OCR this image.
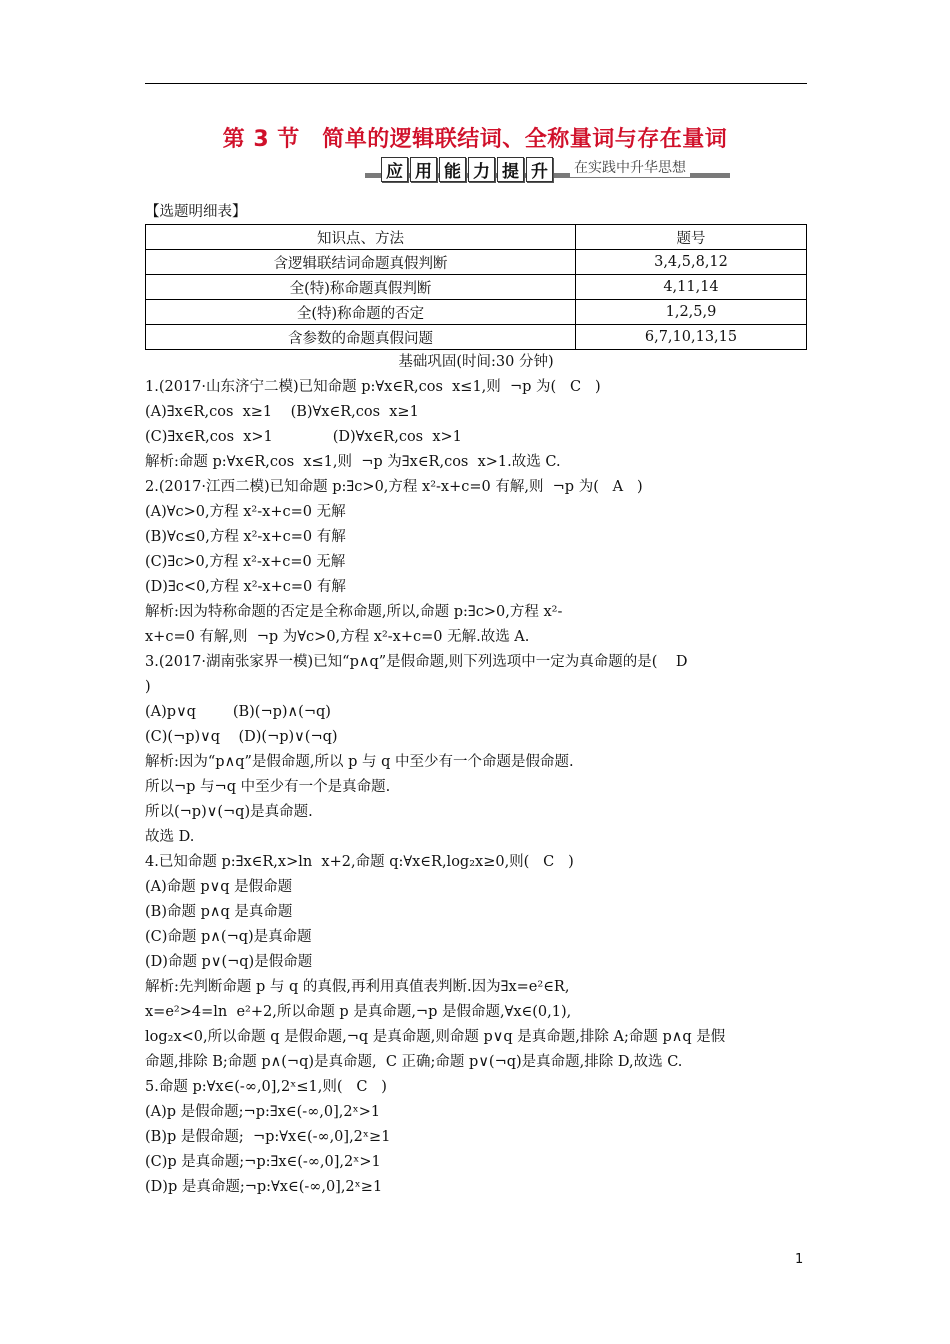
第 3 节　简单的逻辑联结词、全称量词与存在量词
应 用 能 力 提 升	在实践中升华思想
【选题明细表】
知识点、方法	题号
含逻辑联结词命题真假判断	3,4,5,8,12
全(特)称命题真假判断	4,11,14
全(特)称命题的否定	1,2,5,9
含参数的命题真假问题	6,7,10,13,15
基础巩固(时间:30 分钟)
1.(2017·山东济宁二模)已知命题 p:∀x∈R,cos  x≤1,则  ¬p 为(   C   )
(A)∃x∈R,cos  x≥1    (B)∀x∈R,cos  x≥1
(C)∃x∈R,cos  x>1             (D)∀x∈R,cos  x>1
解析:命题 p:∀x∈R,cos  x≤1,则  ¬p 为∃x∈R,cos  x>1.故选 C.
2.(2017·江西二模)已知命题 p:∃c>0,方程 x²-x+c=0 有解,则  ¬p 为(   A   )
(A)∀c>0,方程 x²-x+c=0 无解
(B)∀c≤0,方程 x²-x+c=0 有解
(C)∃c>0,方程 x²-x+c=0 无解
(D)∃c<0,方程 x²-x+c=0 有解
解析:因为特称命题的否定是全称命题,所以,命题 p:∃c>0,方程 x²-
x+c=0 有解,则  ¬p 为∀c>0,方程 x²-x+c=0 无解.故选 A.
3.(2017·湖南张家界一模)已知“p∧q”是假命题,则下列选项中一定为真命题的是(    D
)
(A)p∨q        (B)(¬p)∧(¬q)
(C)(¬p)∨q    (D)(¬p)∨(¬q)
解析:因为“p∧q”是假命题,所以 p 与 q 中至少有一个命题是假命题.
所以¬p 与¬q 中至少有一个是真命题.
所以(¬p)∨(¬q)是真命题.
故选 D.
4.已知命题 p:∃x∈R,x>ln  x+2,命题 q:∀x∈R,log₂x≥0,则(   C   )
(A)命题 p∨q 是假命题
(B)命题 p∧q 是真命题
(C)命题 p∧(¬q)是真命题
(D)命题 p∨(¬q)是假命题
解析:先判断命题 p 与 q 的真假,再利用真值表判断.因为∃x=e²∈R,
x=e²>4=ln  e²+2,所以命题 p 是真命题,¬p 是假命题,∀x∈(0,1),
log₂x<0,所以命题 q 是假命题,¬q 是真命题,则命题 p∨q 是真命题,排除 A;命题 p∧q 是假
命题,排除 B;命题 p∧(¬q)是真命题,  C 正确;命题 p∨(¬q)是真命题,排除 D,故选 C.
5.命题 p:∀x∈(-∞,0],2ˣ≤1,则(   C   )
(A)p 是假命题;¬p:∃x∈(-∞,0],2ˣ>1
(B)p 是假命题;  ¬p:∀x∈(-∞,0],2ˣ≥1
(C)p 是真命题;¬p:∃x∈(-∞,0],2ˣ>1
(D)p 是真命题;¬p:∀x∈(-∞,0],2ˣ≥1
1
